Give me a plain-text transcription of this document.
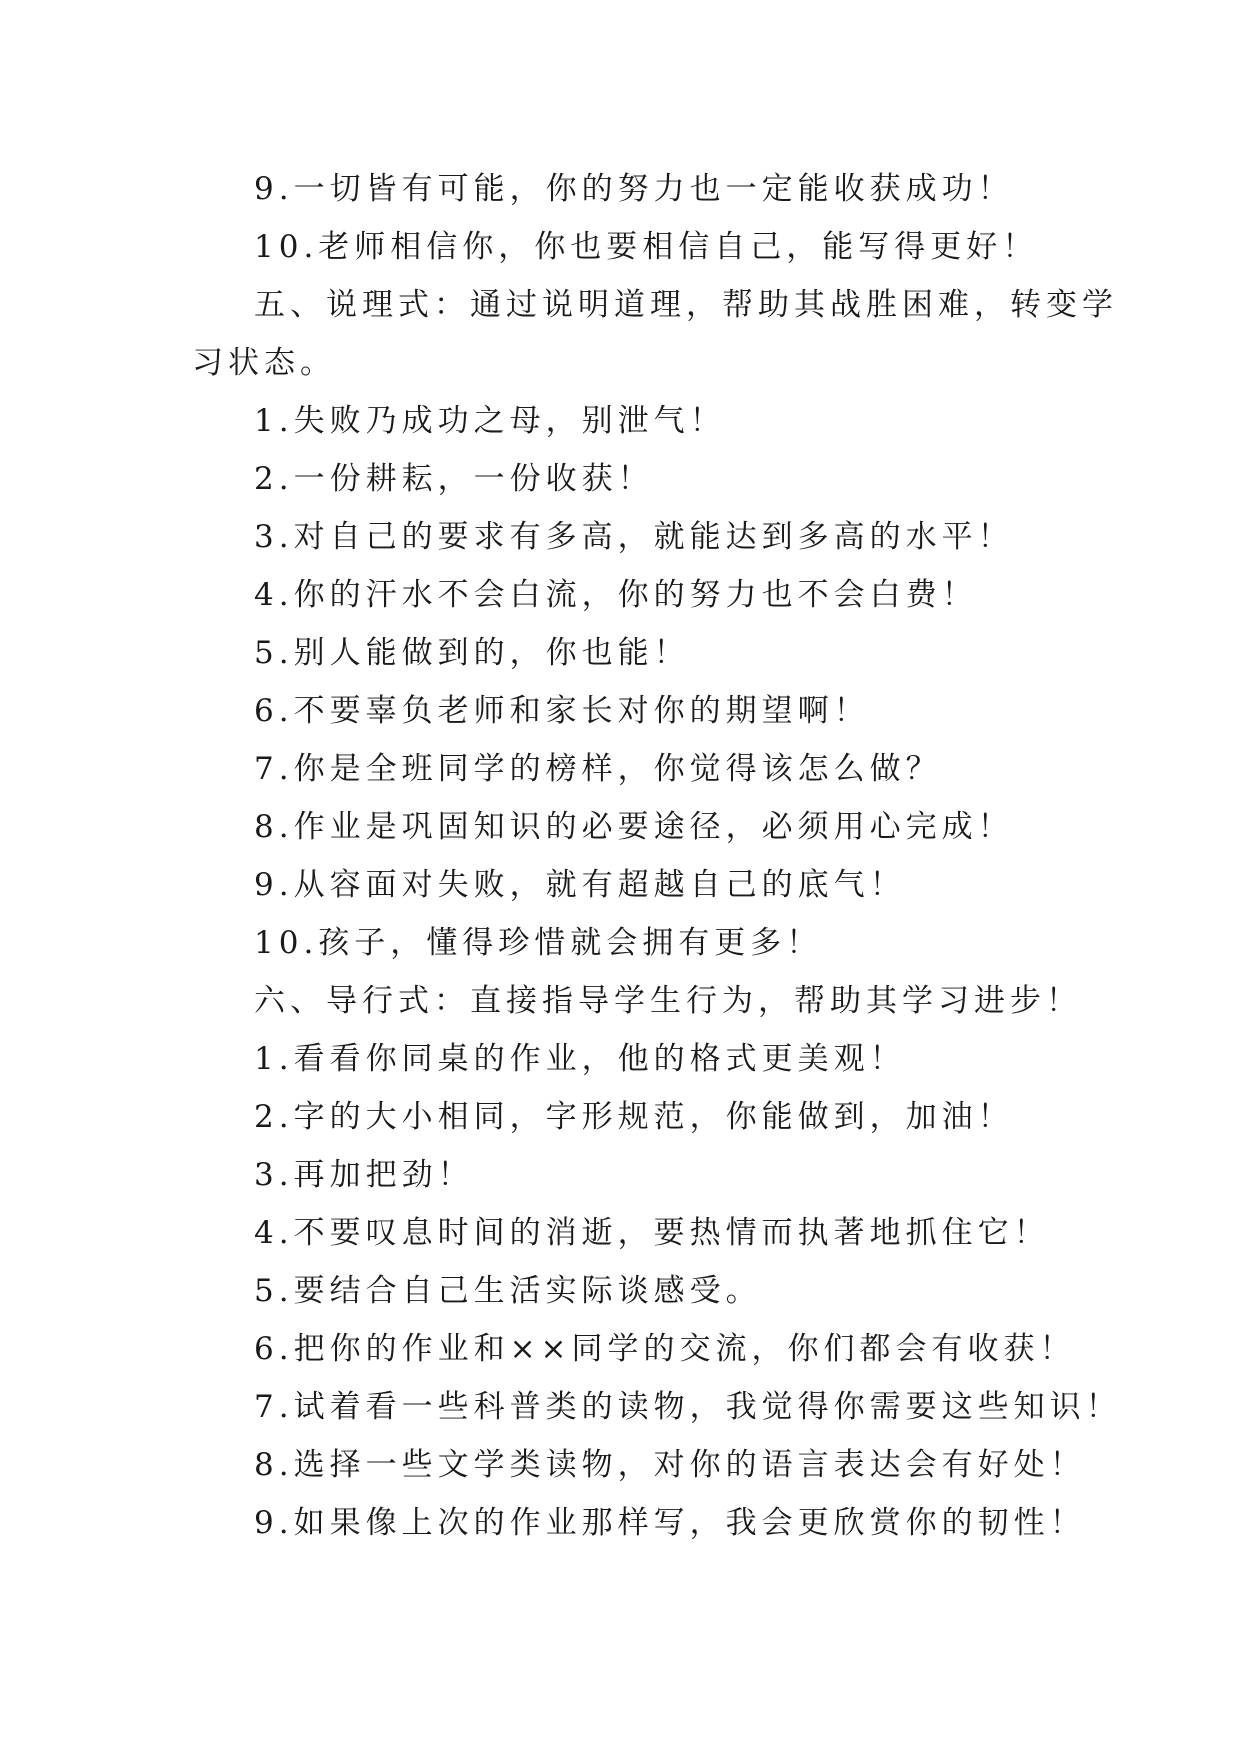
9.一切皆有可能，你的努力也一定能收获成功！
10.老师相信你，你也要相信自己，能写得更好！
五、说理式：通过说明道理，帮助其战胜困难，转变学
习状态。
1.失败乃成功之母，别泄气！
2.一份耕耘，一份收获！
3.对自己的要求有多高，就能达到多高的水平！
4.你的汗水不会白流，你的努力也不会白费！
5.别人能做到的，你也能！
6.不要辜负老师和家长对你的期望啊！
7.你是全班同学的榜样，你觉得该怎么做？
8.作业是巩固知识的必要途径，必须用心完成！
9.从容面对失败，就有超越自己的底气！
10.孩子，懂得珍惜就会拥有更多！
六、导行式：直接指导学生行为，帮助其学习进步！
1.看看你同桌的作业，他的格式更美观！
2.字的大小相同，字形规范，你能做到，加油！
3.再加把劲！
4.不要叹息时间的消逝，要热情而执著地抓住它！
5.要结合自己生活实际谈感受。
6.把你的作业和××同学的交流，你们都会有收获！
7.试着看一些科普类的读物，我觉得你需要这些知识！
8.选择一些文学类读物，对你的语言表达会有好处！
9.如果像上次的作业那样写，我会更欣赏你的韧性！
